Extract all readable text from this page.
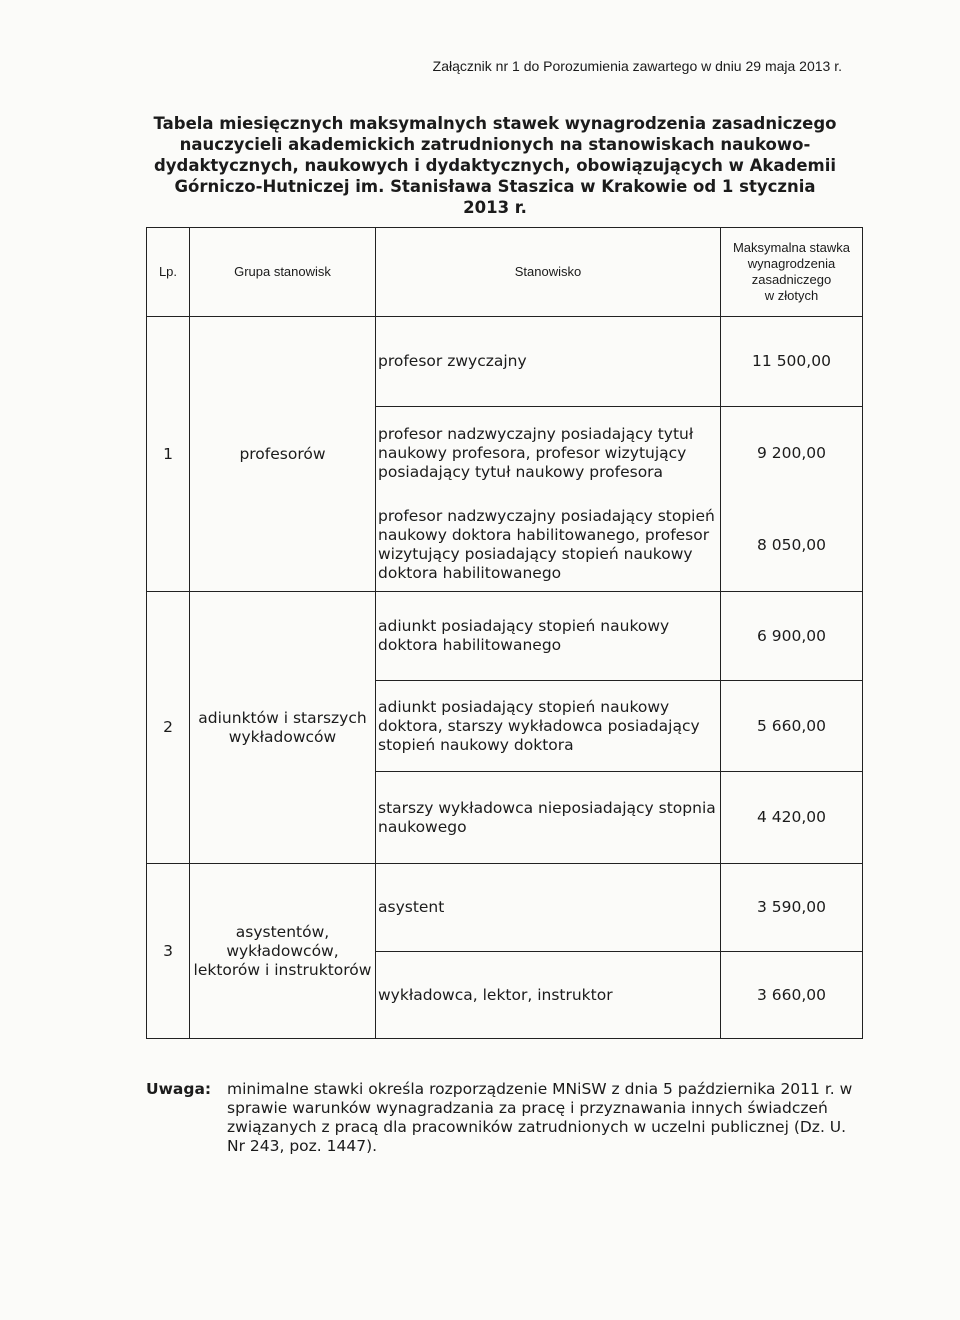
Załącznik nr 1 do Porozumienia zawartego w dniu 29 maja 2013 r.
Tabela miesięcznych maksymalnych stawek wynagrodzenia zasadniczego
nauczycieli akademickich zatrudnionych na stanowiskach naukowo-
dydaktycznych, naukowych i dydaktycznych, obowiązujących w Akademii
Górniczo-Hutniczej im. Stanisława Staszica w Krakowie od 1 stycznia 2013 r.
Lp.	Grupa stanowisk	Stanowisko	Maksymalna stawka
wynagrodzenia
zasadniczego
w złotych

1	profesorów	profesor zwyczajny	11 500,00
		profesor nadzwyczajny posiadający tytuł naukowy profesora, profesor wizytujący posiadający tytuł naukowy profesora	9 200,00
		profesor nadzwyczajny posiadający stopień naukowy doktora habilitowanego, profesor wizytujący posiadający stopień naukowy doktora habilitowanego	8 050,00
2	adiunktów i starszych wykładowców	adiunkt posiadający stopień naukowy doktora habilitowanego	6 900,00
		adiunkt posiadający stopień naukowy doktora, starszy wykładowca posiadający stopień naukowy doktora	5 660,00
		starszy wykładowca nieposiadający stopnia naukowego	4 420,00
3	asystentów, wykładowców, lektorów i instruktorów	asystent	3 590,00
		wykładowca, lektor, instruktor	3 660,00
Uwaga: minimalne stawki określa rozporządzenie MNiSW z dnia 5 października 2011 r. w sprawie warunków wynagradzania za pracę i przyznawania innych świadczeń związanych z pracą dla pracowników zatrudnionych w uczelni publicznej (Dz. U. Nr 243, poz. 1447).
